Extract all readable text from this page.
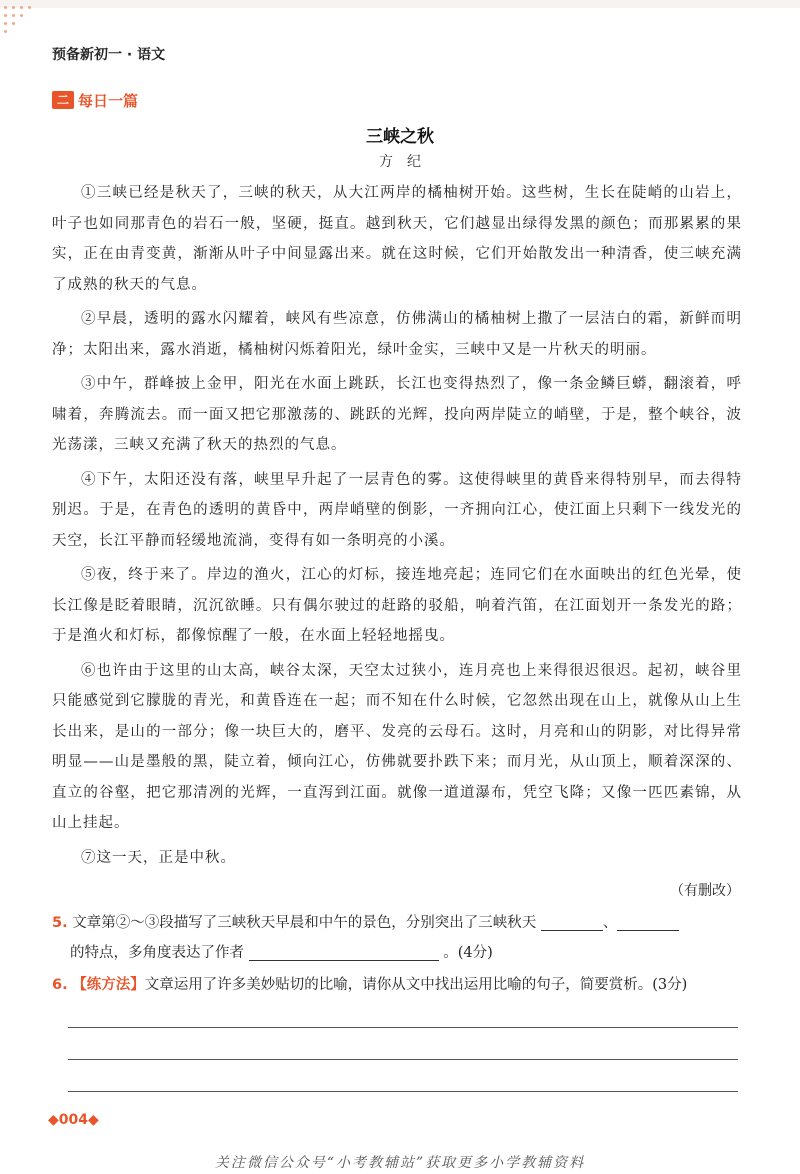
预备新初一 · 语文
二 每日一篇
三峡之秋
方纪

①三峡已经是秋天了，三峡的秋天，从大江两岸的橘柚树开始。这些树，生长在陡峭的山岩上，叶子也如同那青色的岩石一般，坚硬，挺直。越到秋天，它们越显出绿得发黑的颜色；而那累累的果实，正在由青变黄，渐渐从叶子中间显露出来。就在这时候，它们开始散发出一种清香，使三峡充满了成熟的秋天的气息。

②早晨，透明的露水闪耀着，峡风有些凉意，仿佛满山的橘柚树上撒了一层洁白的霜，新鲜而明净；太阳出来，露水消逝，橘柚树闪烁着阳光，绿叶金实，三峡中又是一片秋天的明丽。

③中午，群峰披上金甲，阳光在水面上跳跃，长江也变得热烈了，像一条金鳞巨蟒，翻滚着，呼啸着，奔腾流去。而一面又把它那激荡的、跳跃的光辉，投向两岸陡立的峭壁，于是，整个峡谷，波光荡漾，三峡又充满了秋天的热烈的气息。

④下午，太阳还没有落，峡里早升起了一层青色的雾。这使得峡里的黄昏来得特别早，而去得特别迟。于是，在青色的透明的黄昏中，两岸峭壁的倒影，一齐拥向江心，使江面上只剩下一线发光的天空，长江平静而轻缓地流淌，变得有如一条明亮的小溪。

⑤夜，终于来了。岸边的渔火，江心的灯标，接连地亮起；连同它们在水面映出的红色光晕，使长江像是眨着眼睛，沉沉欲睡。只有偶尔驶过的赶路的驳船，响着汽笛，在江面划开一条发光的路；于是渔火和灯标，都像惊醒了一般，在水面上轻轻地摇曳。

⑥也许由于这里的山太高，峡谷太深，天空太过狭小，连月亮也上来得很迟很迟。起初，峡谷里只能感觉到它朦胧的青光，和黄昏连在一起；而不知在什么时候，它忽然出现在山上，就像从山上生长出来，是山的一部分；像一块巨大的，磨平、发亮的云母石。这时，月亮和山的阴影，对比得异常明显——山是墨般的黑，陡立着，倾向江心，仿佛就要扑跌下来；而月光，从山顶上，顺着深深的、直立的谷壑，把它那清冽的光辉，一直泻到江面。就像一道道瀑布，凭空飞降；又像一匹匹素锦，从山上挂起。

⑦这一天，正是中秋。

（有删改）
5. 文章第②～③段描写了三峡秋天早晨和中午的景色，分别突出了三峡秋天	、
的特点，多角度表达了作者	。(4分)
6. 【练方法】文章运用了许多美妙贴切的比喻，请你从文中找出运用比喻的句子，简要赏析。(3分)
◆004◆
关注微信公众号“小考教辅站”获取更多小学教辅资料
